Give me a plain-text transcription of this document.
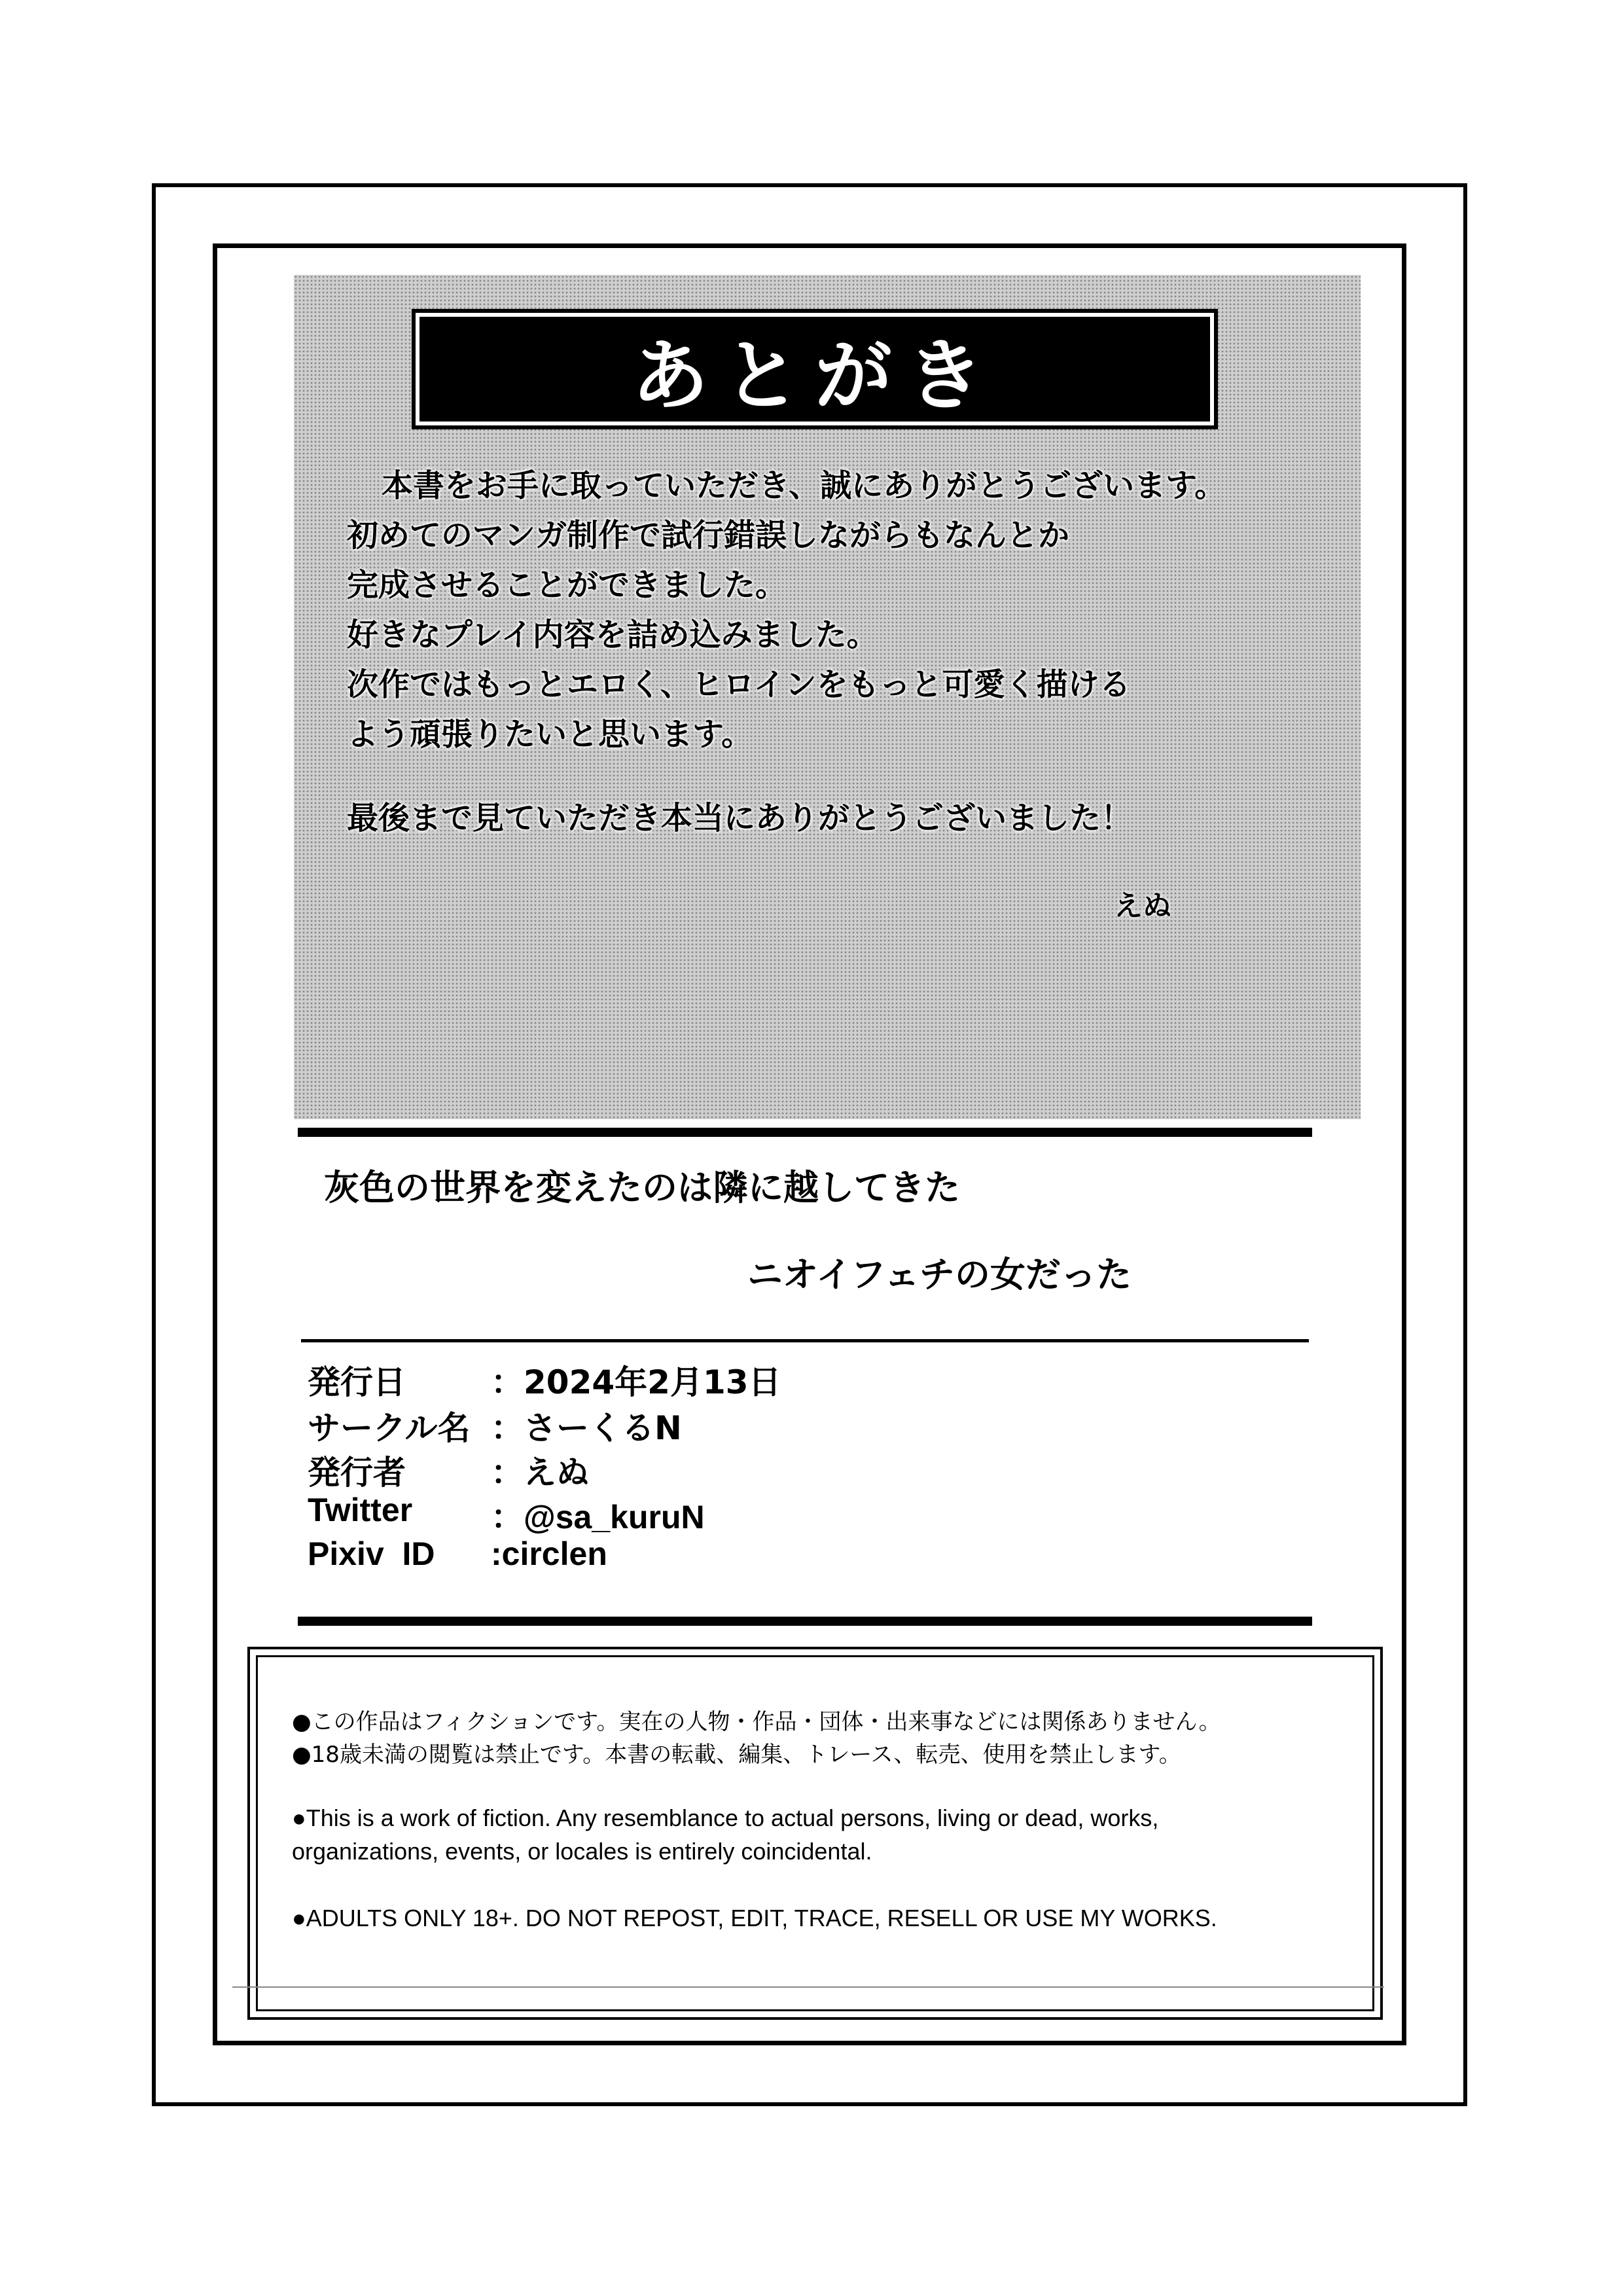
あとがき
本書をお手に取っていただき、誠にありがとうございます。
初めてのマンガ制作で試行錯誤しながらもなんとか
完成させることができました。
好きなプレイ内容を詰め込みました。
次作ではもっとエロく、ヒロインをもっと可愛く描ける
よう頑張りたいと思います。
最後まで見ていただき本当にありがとうございました！
えぬ
灰色の世界を変えたのは隣に越してきた
ニオイフェチの女だった
発行日	：2024年2月13日
サークル名 ：さーくるN
発行者	：えぬ
Twitter	：@sa_kuruN
Pixiv  ID	:circlen
●この作品はフィクションです。実在の人物・作品・団体・出来事などには関係ありません。
●18歳未満の閲覧は禁止です。本書の転載、編集、トレース、転売、使用を禁止します。
●This is a work of fiction. Any resemblance to actual persons, living or dead, works,
organizations, events, or locales is entirely coincidental.
●ADULTS ONLY 18+. DO NOT REPOST, EDIT, TRACE, RESELL OR USE MY WORKS.
